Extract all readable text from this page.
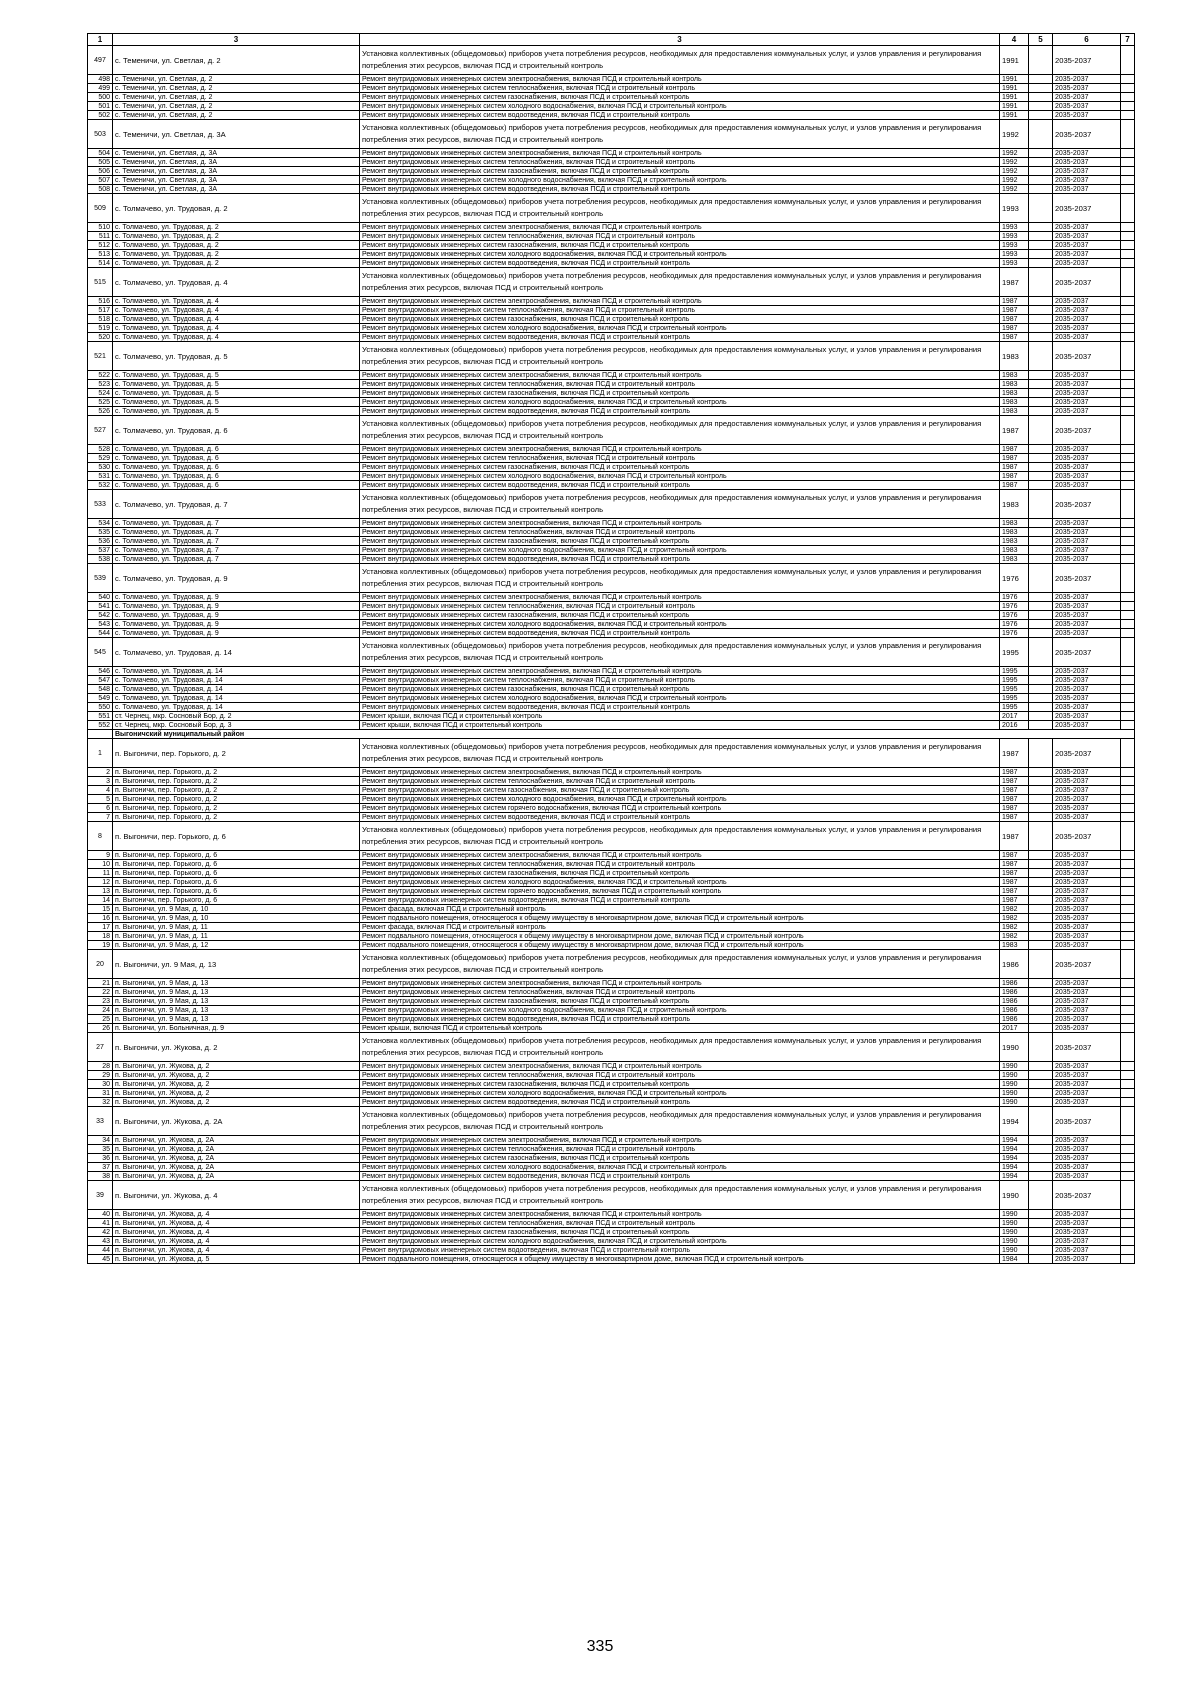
1	3	3	4	5	6	7
497	с. Теменичи, ул. Светлая, д. 2	Установка коллективных (общедомовых) приборов учета потребления ресурсов, необходимых для предоставления коммунальных услуг, и узлов управления и регулирования потребления этих ресурсов, включая ПСД и строительный контроль	1991		2035-2037	
498	с. Теменичи, ул. Светлая, д. 2	Ремонт внутридомовых инженерных систем электроснабжения, включая ПСД и строительный контроль	1991		2035-2037	
499	с. Теменичи, ул. Светлая, д. 2	Ремонт внутридомовых инженерных систем теплоснабжения, включая ПСД и строительный контроль	1991		2035-2037	
500	с. Теменичи, ул. Светлая, д. 2	Ремонт внутридомовых инженерных систем газоснабжения, включая ПСД и строительный контроль	1991		2035-2037	
501	с. Теменичи, ул. Светлая, д. 2	Ремонт внутридомовых инженерных систем холодного водоснабжения, включая ПСД и строительный контроль	1991		2035-2037	
502	с. Теменичи, ул. Светлая, д. 2	Ремонт внутридомовых инженерных систем водоотведения, включая ПСД и строительный контроль	1991		2035-2037	
503	с. Теменичи, ул. Светлая, д. 3А	Установка коллективных (общедомовых) приборов учета потребления ресурсов, необходимых для предоставления коммунальных услуг, и узлов управления и регулирования потребления этих ресурсов, включая ПСД и строительный контроль	1992		2035-2037	
504	с. Теменичи, ул. Светлая, д. 3А	Ремонт внутридомовых инженерных систем электроснабжения, включая ПСД и строительный контроль	1992		2035-2037	
505	с. Теменичи, ул. Светлая, д. 3А	Ремонт внутридомовых инженерных систем теплоснабжения, включая ПСД и строительный контроль	1992		2035-2037	
506	с. Теменичи, ул. Светлая, д. 3А	Ремонт внутридомовых инженерных систем газоснабжения, включая ПСД и строительный контроль	1992		2035-2037	
507	с. Теменичи, ул. Светлая, д. 3А	Ремонт внутридомовых инженерных систем холодного водоснабжения, включая ПСД и строительный контроль	1992		2035-2037	
508	с. Теменичи, ул. Светлая, д. 3А	Ремонт внутридомовых инженерных систем водоотведения, включая ПСД и строительный контроль	1992		2035-2037	
509	с. Толмачево, ул. Трудовая, д. 2	Установка коллективных (общедомовых) приборов учета потребления ресурсов, необходимых для предоставления коммунальных услуг, и узлов управления и регулирования потребления этих ресурсов, включая ПСД и строительный контроль	1993		2035-2037	
510	с. Толмачево, ул. Трудовая, д. 2	Ремонт внутридомовых инженерных систем электроснабжения, включая ПСД и строительный контроль	1993		2035-2037	
511	с. Толмачево, ул. Трудовая, д. 2	Ремонт внутридомовых инженерных систем теплоснабжения, включая ПСД и строительный контроль	1993		2035-2037	
512	с. Толмачево, ул. Трудовая, д. 2	Ремонт внутридомовых инженерных систем газоснабжения, включая ПСД и строительный контроль	1993		2035-2037	
513	с. Толмачево, ул. Трудовая, д. 2	Ремонт внутридомовых инженерных систем холодного водоснабжения, включая ПСД и строительный контроль	1993		2035-2037	
514	с. Толмачево, ул. Трудовая, д. 2	Ремонт внутридомовых инженерных систем водоотведения, включая ПСД и строительный контроль	1993		2035-2037	
515	с. Толмачево, ул. Трудовая, д. 4	Установка коллективных (общедомовых) приборов учета потребления ресурсов, необходимых для предоставления коммунальных услуг, и узлов управления и регулирования потребления этих ресурсов, включая ПСД и строительный контроль	1987		2035-2037	
516	с. Толмачево, ул. Трудовая, д. 4	Ремонт внутридомовых инженерных систем электроснабжения, включая ПСД и строительный контроль	1987		2035-2037	
517	с. Толмачево, ул. Трудовая, д. 4	Ремонт внутридомовых инженерных систем теплоснабжения, включая ПСД и строительный контроль	1987		2035-2037	
518	с. Толмачево, ул. Трудовая, д. 4	Ремонт внутридомовых инженерных систем газоснабжения, включая ПСД и строительный контроль	1987		2035-2037	
519	с. Толмачево, ул. Трудовая, д. 4	Ремонт внутридомовых инженерных систем холодного водоснабжения, включая ПСД и строительный контроль	1987		2035-2037	
520	с. Толмачево, ул. Трудовая, д. 4	Ремонт внутридомовых инженерных систем водоотведения, включая ПСД и строительный контроль	1987		2035-2037	
521	с. Толмачево, ул. Трудовая, д. 5	Установка коллективных (общедомовых) приборов учета потребления ресурсов, необходимых для предоставления коммунальных услуг, и узлов управления и регулирования потребления этих ресурсов, включая ПСД и строительный контроль	1983		2035-2037	
522	с. Толмачево, ул. Трудовая, д. 5	Ремонт внутридомовых инженерных систем электроснабжения, включая ПСД и строительный контроль	1983		2035-2037	
523	с. Толмачево, ул. Трудовая, д. 5	Ремонт внутридомовых инженерных систем теплоснабжения, включая ПСД и строительный контроль	1983		2035-2037	
524	с. Толмачево, ул. Трудовая, д. 5	Ремонт внутридомовых инженерных систем газоснабжения, включая ПСД и строительный контроль	1983		2035-2037	
525	с. Толмачево, ул. Трудовая, д. 5	Ремонт внутридомовых инженерных систем холодного водоснабжения, включая ПСД и строительный контроль	1983		2035-2037	
526	с. Толмачево, ул. Трудовая, д. 5	Ремонт внутридомовых инженерных систем водоотведения, включая ПСД и строительный контроль	1983		2035-2037	
527	с. Толмачево, ул. Трудовая, д. 6	Установка коллективных (общедомовых) приборов учета потребления ресурсов, необходимых для предоставления коммунальных услуг, и узлов управления и регулирования потребления этих ресурсов, включая ПСД и строительный контроль	1987		2035-2037	
528	с. Толмачево, ул. Трудовая, д. 6	Ремонт внутридомовых инженерных систем электроснабжения, включая ПСД и строительный контроль	1987		2035-2037	
529	с. Толмачево, ул. Трудовая, д. 6	Ремонт внутридомовых инженерных систем теплоснабжения, включая ПСД и строительный контроль	1987		2035-2037	
530	с. Толмачево, ул. Трудовая, д. 6	Ремонт внутридомовых инженерных систем газоснабжения, включая ПСД и строительный контроль	1987		2035-2037	
531	с. Толмачево, ул. Трудовая, д. 6	Ремонт внутридомовых инженерных систем холодного водоснабжения, включая ПСД и строительный контроль	1987		2035-2037	
532	с. Толмачево, ул. Трудовая, д. 6	Ремонт внутридомовых инженерных систем водоотведения, включая ПСД и строительный контроль	1987		2035-2037	
533	с. Толмачево, ул. Трудовая, д. 7	Установка коллективных (общедомовых) приборов учета потребления ресурсов, необходимых для предоставления коммунальных услуг, и узлов управления и регулирования потребления этих ресурсов, включая ПСД и строительный контроль	1983		2035-2037	
534	с. Толмачево, ул. Трудовая, д. 7	Ремонт внутридомовых инженерных систем электроснабжения, включая ПСД и строительный контроль	1983		2035-2037	
535	с. Толмачево, ул. Трудовая, д. 7	Ремонт внутридомовых инженерных систем теплоснабжения, включая ПСД и строительный контроль	1983		2035-2037	
536	с. Толмачево, ул. Трудовая, д. 7	Ремонт внутридомовых инженерных систем газоснабжения, включая ПСД и строительный контроль	1983		2035-2037	
537	с. Толмачево, ул. Трудовая, д. 7	Ремонт внутридомовых инженерных систем холодного водоснабжения, включая ПСД и строительный контроль	1983		2035-2037	
538	с. Толмачево, ул. Трудовая, д. 7	Ремонт внутридомовых инженерных систем водоотведения, включая ПСД и строительный контроль	1983		2035-2037	
539	с. Толмачево, ул. Трудовая, д. 9	Установка коллективных (общедомовых) приборов учета потребления ресурсов, необходимых для предоставления коммунальных услуг, и узлов управления и регулирования потребления этих ресурсов, включая ПСД и строительный контроль	1976		2035-2037	
540	с. Толмачево, ул. Трудовая, д. 9	Ремонт внутридомовых инженерных систем электроснабжения, включая ПСД и строительный контроль	1976		2035-2037	
541	с. Толмачево, ул. Трудовая, д. 9	Ремонт внутридомовых инженерных систем теплоснабжения, включая ПСД и строительный контроль	1976		2035-2037	
542	с. Толмачево, ул. Трудовая, д. 9	Ремонт внутридомовых инженерных систем газоснабжения, включая ПСД и строительный контроль	1976		2035-2037	
543	с. Толмачево, ул. Трудовая, д. 9	Ремонт внутридомовых инженерных систем холодного водоснабжения, включая ПСД и строительный контроль	1976		2035-2037	
544	с. Толмачево, ул. Трудовая, д. 9	Ремонт внутридомовых инженерных систем водоотведения, включая ПСД и строительный контроль	1976		2035-2037	
545	с. Толмачево, ул. Трудовая, д. 14	Установка коллективных (общедомовых) приборов учета потребления ресурсов, необходимых для предоставления коммунальных услуг, и узлов управления и регулирования потребления этих ресурсов, включая ПСД и строительный контроль	1995		2035-2037	
546	с. Толмачево, ул. Трудовая, д. 14	Ремонт внутридомовых инженерных систем электроснабжения, включая ПСД и строительный контроль	1995		2035-2037	
547	с. Толмачево, ул. Трудовая, д. 14	Ремонт внутридомовых инженерных систем теплоснабжения, включая ПСД и строительный контроль	1995		2035-2037	
548	с. Толмачево, ул. Трудовая, д. 14	Ремонт внутридомовых инженерных систем газоснабжения, включая ПСД и строительный контроль	1995		2035-2037	
549	с. Толмачево, ул. Трудовая, д. 14	Ремонт внутридомовых инженерных систем холодного водоснабжения, включая ПСД и строительный контроль	1995		2035-2037	
550	с. Толмачево, ул. Трудовая, д. 14	Ремонт внутридомовых инженерных систем водоотведения, включая ПСД и строительный контроль	1995		2035-2037	
551	ст. Чернец, мкр. Сосновый Бор, д. 2	Ремонт крыши, включая ПСД и строительный контроль	2017		2035-2037	
552	ст. Чернец, мкр. Сосновый Бор, д. 3	Ремонт крыши, включая ПСД и строительный контроль	2016		2035-2037	
	Выгоничский муниципальный район					
1	п. Выгоничи, пер. Горького, д. 2	Установка коллективных (общедомовых) приборов учета потребления ресурсов, необходимых для предоставления коммунальных услуг, и узлов управления и регулирования потребления этих ресурсов, включая ПСД и строительный контроль	1987		2035-2037	
2	п. Выгоничи, пер. Горького, д. 2	Ремонт внутридомовых инженерных систем электроснабжения, включая ПСД и строительный контроль	1987		2035-2037	
3	п. Выгоничи, пер. Горького, д. 2	Ремонт внутридомовых инженерных систем теплоснабжения, включая ПСД и строительный контроль	1987		2035-2037	
4	п. Выгоничи, пер. Горького, д. 2	Ремонт внутридомовых инженерных систем газоснабжения, включая ПСД и строительный контроль	1987		2035-2037	
5	п. Выгоничи, пер. Горького, д. 2	Ремонт внутридомовых инженерных систем холодного водоснабжения, включая ПСД и строительный контроль	1987		2035-2037	
6	п. Выгоничи, пер. Горького, д. 2	Ремонт внутридомовых инженерных систем горячего водоснабжения, включая ПСД и строительный контроль	1987		2035-2037	
7	п. Выгоничи, пер. Горького, д. 2	Ремонт внутридомовых инженерных систем водоотведения, включая ПСД и строительный контроль	1987		2035-2037	
8	п. Выгоничи, пер. Горького, д. 6	Установка коллективных (общедомовых) приборов учета потребления ресурсов, необходимых для предоставления коммунальных услуг, и узлов управления и регулирования потребления этих ресурсов, включая ПСД и строительный контроль	1987		2035-2037	
9	п. Выгоничи, пер. Горького, д. 6	Ремонт внутридомовых инженерных систем электроснабжения, включая ПСД и строительный контроль	1987		2035-2037	
10	п. Выгоничи, пер. Горького, д. 6	Ремонт внутридомовых инженерных систем теплоснабжения, включая ПСД и строительный контроль	1987		2035-2037	
11	п. Выгоничи, пер. Горького, д. 6	Ремонт внутридомовых инженерных систем газоснабжения, включая ПСД и строительный контроль	1987		2035-2037	
12	п. Выгоничи, пер. Горького, д. 6	Ремонт внутридомовых инженерных систем холодного водоснабжения, включая ПСД и строительный контроль	1987		2035-2037	
13	п. Выгоничи, пер. Горького, д. 6	Ремонт внутридомовых инженерных систем горячего водоснабжения, включая ПСД и строительный контроль	1987		2035-2037	
14	п. Выгоничи, пер. Горького, д. 6	Ремонт внутридомовых инженерных систем водоотведения, включая ПСД и строительный контроль	1987		2035-2037	
15	п. Выгоничи, ул. 9 Мая, д. 10	Ремонт фасада, включая ПСД и строительный контроль	1982		2035-2037	
16	п. Выгоничи, ул. 9 Мая, д. 10	Ремонт подвального помещения, относящегося к общему имуществу в многоквартирном доме, включая ПСД и строительный контроль	1982		2035-2037	
17	п. Выгоничи, ул. 9 Мая, д. 11	Ремонт фасада, включая ПСД и строительный контроль	1982		2035-2037	
18	п. Выгоничи, ул. 9 Мая, д. 11	Ремонт подвального помещения, относящегося к общему имуществу в многоквартирном доме, включая ПСД и строительный контроль	1982		2035-2037	
19	п. Выгоничи, ул. 9 Мая, д. 12	Ремонт подвального помещения, относящегося к общему имуществу в многоквартирном доме, включая ПСД и строительный контроль	1983		2035-2037	
20	п. Выгоничи, ул. 9 Мая, д. 13	Установка коллективных (общедомовых) приборов учета потребления ресурсов, необходимых для предоставления коммунальных услуг, и узлов управления и регулирования потребления этих ресурсов, включая ПСД и строительный контроль	1986		2035-2037	
21	п. Выгоничи, ул. 9 Мая, д. 13	Ремонт внутридомовых инженерных систем электроснабжения, включая ПСД и строительный контроль	1986		2035-2037	
22	п. Выгоничи, ул. 9 Мая, д. 13	Ремонт внутридомовых инженерных систем теплоснабжения, включая ПСД и строительный контроль	1986		2035-2037	
23	п. Выгоничи, ул. 9 Мая, д. 13	Ремонт внутридомовых инженерных систем газоснабжения, включая ПСД и строительный контроль	1986		2035-2037	
24	п. Выгоничи, ул. 9 Мая, д. 13	Ремонт внутридомовых инженерных систем холодного водоснабжения, включая ПСД и строительный контроль	1986		2035-2037	
25	п. Выгоничи, ул. 9 Мая, д. 13	Ремонт внутридомовых инженерных систем водоотведения, включая ПСД и строительный контроль	1986		2035-2037	
26	п. Выгоничи, ул. Больничная, д. 9	Ремонт крыши, включая ПСД и строительный контроль	2017		2035-2037	
27	п. Выгоничи, ул. Жукова, д. 2	Установка коллективных (общедомовых) приборов учета потребления ресурсов, необходимых для предоставления коммунальных услуг, и узлов управления и регулирования потребления этих ресурсов, включая ПСД и строительный контроль	1990		2035-2037	
28	п. Выгоничи, ул. Жукова, д. 2	Ремонт внутридомовых инженерных систем электроснабжения, включая ПСД и строительный контроль	1990		2035-2037	
29	п. Выгоничи, ул. Жукова, д. 2	Ремонт внутридомовых инженерных систем теплоснабжения, включая ПСД и строительный контроль	1990		2035-2037	
30	п. Выгоничи, ул. Жукова, д. 2	Ремонт внутридомовых инженерных систем газоснабжения, включая ПСД и строительный контроль	1990		2035-2037	
31	п. Выгоничи, ул. Жукова, д. 2	Ремонт внутридомовых инженерных систем холодного водоснабжения, включая ПСД и строительный контроль	1990		2035-2037	
32	п. Выгоничи, ул. Жукова, д. 2	Ремонт внутридомовых инженерных систем водоотведения, включая ПСД и строительный контроль	1990		2035-2037	
33	п. Выгоничи, ул. Жукова, д. 2А	Установка коллективных (общедомовых) приборов учета потребления ресурсов, необходимых для предоставления коммунальных услуг, и узлов управления и регулирования потребления этих ресурсов, включая ПСД и строительный контроль	1994		2035-2037	
34	п. Выгоничи, ул. Жукова, д. 2А	Ремонт внутридомовых инженерных систем электроснабжения, включая ПСД и строительный контроль	1994		2035-2037	
35	п. Выгоничи, ул. Жукова, д. 2А	Ремонт внутридомовых инженерных систем теплоснабжения, включая ПСД и строительный контроль	1994		2035-2037	
36	п. Выгоничи, ул. Жукова, д. 2А	Ремонт внутридомовых инженерных систем газоснабжения, включая ПСД и строительный контроль	1994		2035-2037	
37	п. Выгоничи, ул. Жукова, д. 2А	Ремонт внутридомовых инженерных систем холодного водоснабжения, включая ПСД и строительный контроль	1994		2035-2037	
38	п. Выгоничи, ул. Жукова, д. 2А	Ремонт внутридомовых инженерных систем водоотведения, включая ПСД и строительный контроль	1994		2035-2037	
39	п. Выгоничи, ул. Жукова, д. 4	Установка коллективных (общедомовых) приборов учета потребления ресурсов, необходимых для предоставления коммунальных услуг, и узлов управления и регулирования потребления этих ресурсов, включая ПСД и строительный контроль	1990		2035-2037	
40	п. Выгоничи, ул. Жукова, д. 4	Ремонт внутридомовых инженерных систем электроснабжения, включая ПСД и строительный контроль	1990		2035-2037	
41	п. Выгоничи, ул. Жукова, д. 4	Ремонт внутридомовых инженерных систем теплоснабжения, включая ПСД и строительный контроль	1990		2035-2037	
42	п. Выгоничи, ул. Жукова, д. 4	Ремонт внутридомовых инженерных систем газоснабжения, включая ПСД и строительный контроль	1990		2035-2037	
43	п. Выгоничи, ул. Жукова, д. 4	Ремонт внутридомовых инженерных систем холодного водоснабжения, включая ПСД и строительный контроль	1990		2035-2037	
44	п. Выгоничи, ул. Жукова, д. 4	Ремонт внутридомовых инженерных систем водоотведения, включая ПСД и строительный контроль	1990		2035-2037	
45	п. Выгоничи, ул. Жукова, д. 5	Ремонт подвального помещения, относящегося к общему имуществу в многоквартирном доме, включая ПСД и строительный контроль	1984		2035-2037	
335
